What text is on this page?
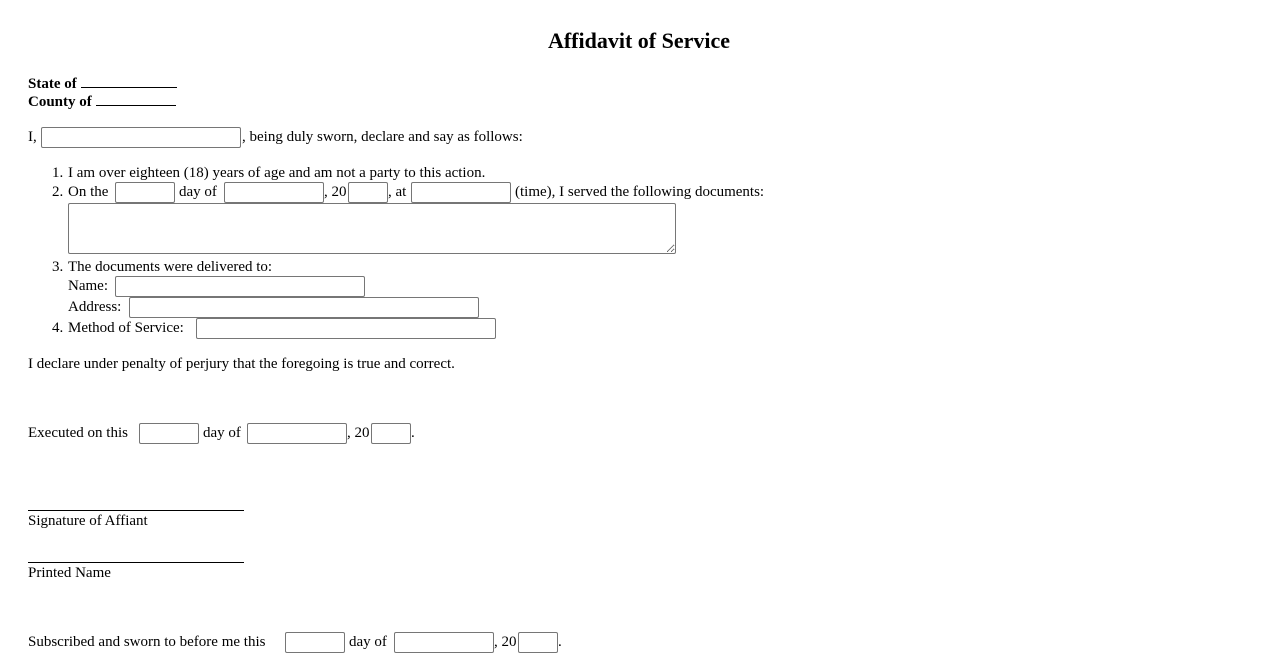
Affidavit of Service
State of
County of
I,	, being duly sworn, declare and say as follows:
1. I am over eighteen (18) years of age and am not a party to this action.
2. On the	day of	, 20	, at	(time), I served the following documents:
3. The documents were delivered to:
Name:
Address:
4. Method of Service:
I declare under penalty of perjury that the foregoing is true and correct.
Executed on this	day of	, 20	.
Signature of Affiant
Printed Name
Subscribed and sworn to before me this	day of	, 20	.
